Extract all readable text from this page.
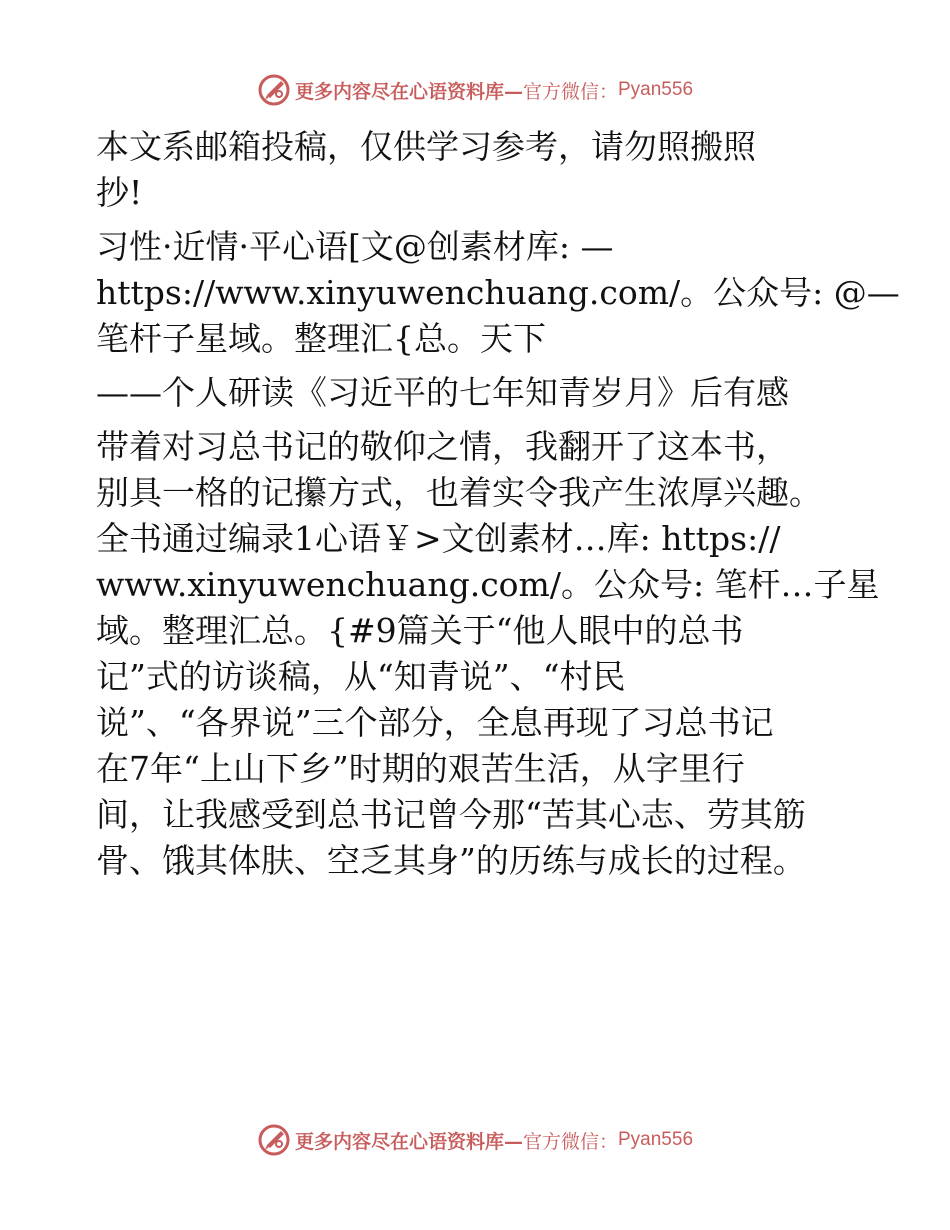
更多内容尽在心语资料库— 官方微信： Pyan556
本文系邮箱投稿，仅供学习参考，请勿照搬照
抄!
习性·近情·平心语[文@创素材库: —
https://www.xinyuwenchuang.com/。公众号: @—
笔杆子星域。整理汇{总。天下
——个人研读《习近平的七年知青岁月》后有感
带着对习总书记的敬仰之情，我翻开了这本书，
别具一格的记攥方式，也着实令我产生浓厚兴趣。
全书通过编录1心语￥>文创素材…库: https://
www.xinyuwenchuang.com/。公众号: 笔杆…子星
域。整理汇总。{#9篇关于“他人眼中的总书
记”式的访谈稿，从“知青说”、“村民
说”、“各界说”三个部分，全息再现了习总书记
在7年“上山下乡”时期的艰苦生活，从字里行
间，让我感受到总书记曾今那“苦其心志、劳其筋
骨、饿其体肤、空乏其身”的历练与成长的过程。
更多内容尽在心语资料库— 官方微信： Pyan556
